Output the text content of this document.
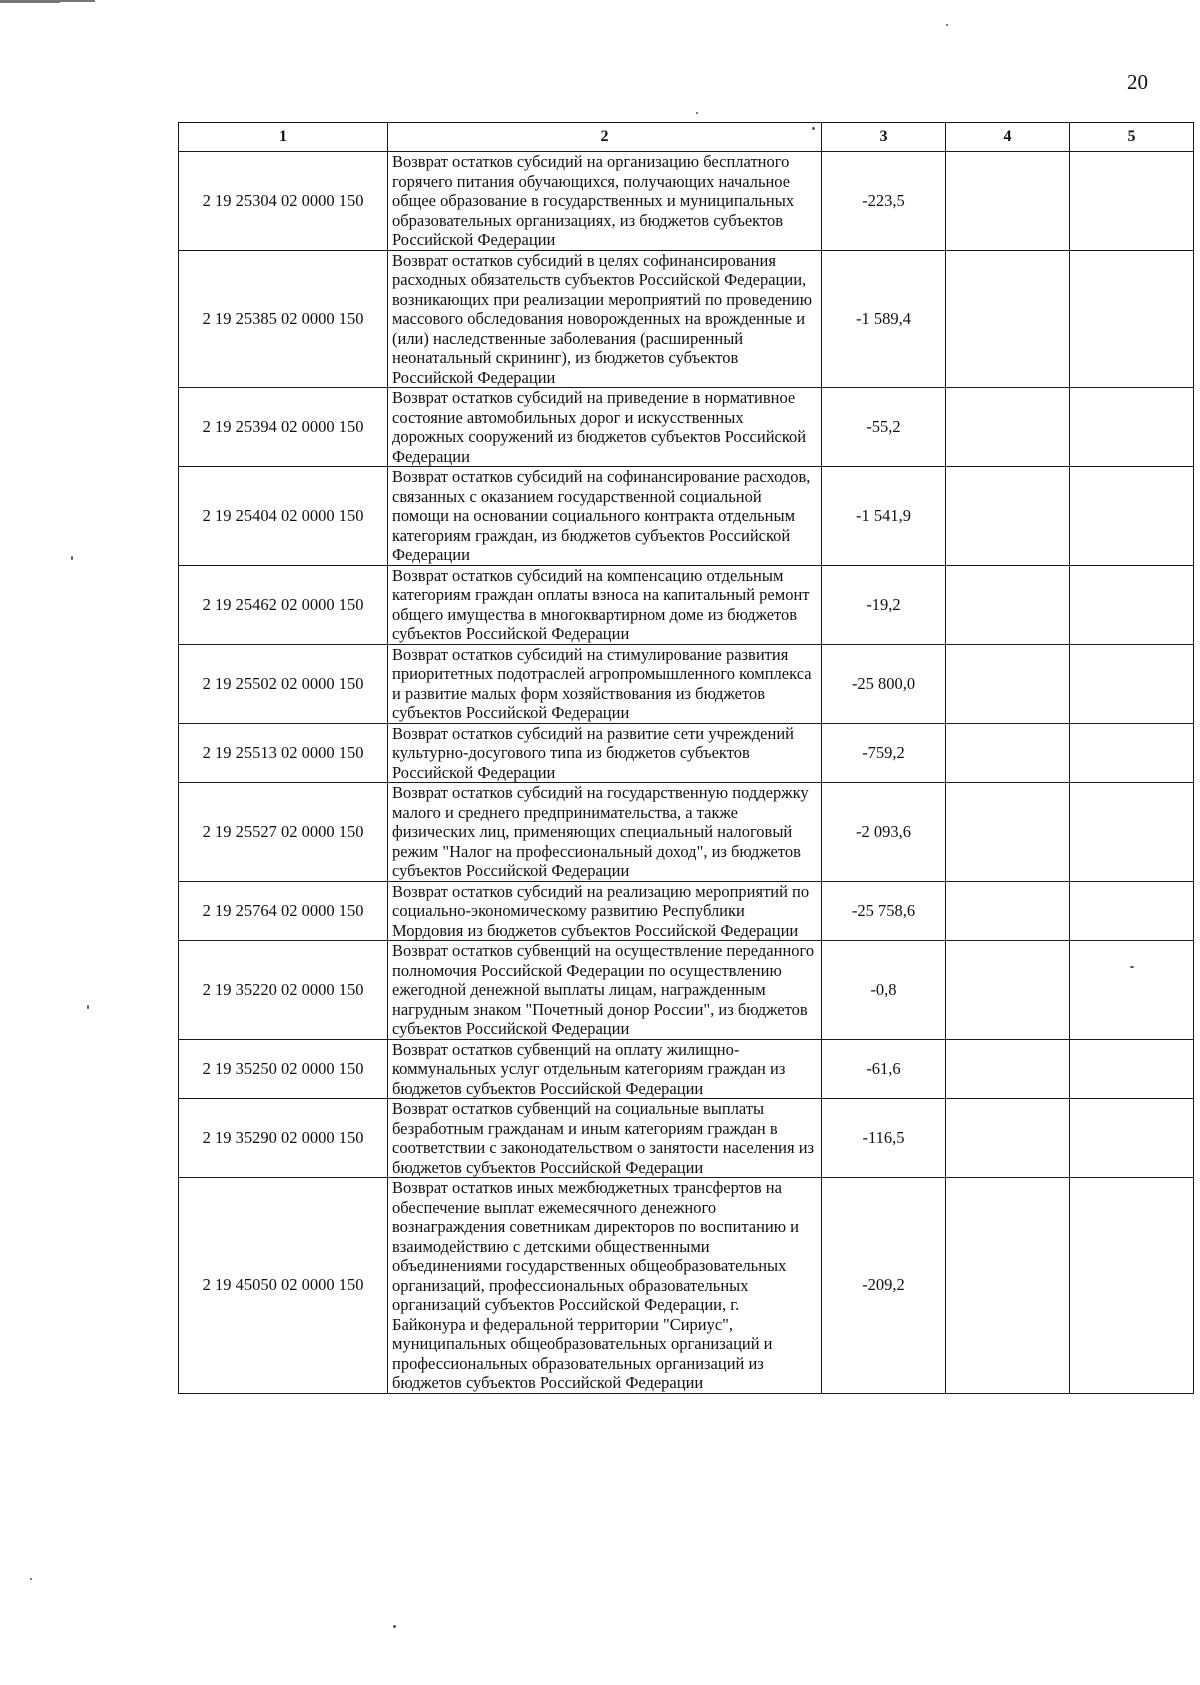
20
1	2	3	4	5
2 19 25304 02 0000 150	Возврат остатков субсидий на организацию бесплатного горячего питания обучающихся, получающих начальное общее образование в государственных и муниципальных образовательных организациях, из бюджетов субъектов Российской Федерации	-223,5		
2 19 25385 02 0000 150	Возврат остатков субсидий в целях софинансирования расходных обязательств субъектов Российской Федерации, возникающих при реализации мероприятий по проведению массового обследования новорожденных на врожденные и (или) наследственные заболевания (расширенный неонатальный скрининг), из бюджетов субъектов Российской Федерации	-1 589,4		
2 19 25394 02 0000 150	Возврат остатков субсидий на приведение в нормативное состояние автомобильных дорог и искусственных дорожных сооружений из бюджетов субъектов Российской Федерации	-55,2		
2 19 25404 02 0000 150	Возврат остатков субсидий на софинансирование расходов, связанных с оказанием государственной социальной помощи на основании социального контракта отдельным категориям граждан, из бюджетов субъектов Российской Федерации	-1 541,9		
2 19 25462 02 0000 150	Возврат остатков субсидий на компенсацию отдельным категориям граждан оплаты взноса на капитальный ремонт общего имущества в многоквартирном доме из бюджетов субъектов Российской Федерации	-19,2		
2 19 25502 02 0000 150	Возврат остатков субсидий на стимулирование развития приоритетных подотраслей агропромышленного комплекса и развитие малых форм хозяйствования из бюджетов субъектов Российской Федерации	-25 800,0		
2 19 25513 02 0000 150	Возврат остатков субсидий на развитие сети учреждений культурно-досугового типа из бюджетов субъектов Российской Федерации	-759,2		
2 19 25527 02 0000 150	Возврат остатков субсидий на государственную поддержку малого и среднего предпринимательства, а также физических лиц, применяющих специальный налоговый режим "Налог на профессиональный доход", из бюджетов субъектов Российской Федерации	-2 093,6		
2 19 25764 02 0000 150	Возврат остатков субсидий на реализацию мероприятий по социально-экономическому развитию Республики Мордовия из бюджетов субъектов Российской Федерации	-25 758,6		
2 19 35220 02 0000 150	Возврат остатков субвенций на осуществление переданного полномочия Российской Федерации по осуществлению ежегодной денежной выплаты лицам, награжденным нагрудным знаком "Почетный донор России", из бюджетов субъектов Российской Федерации	-0,8		
2 19 35250 02 0000 150	Возврат остатков субвенций на оплату жилищно-коммунальных услуг отдельным категориям граждан из бюджетов субъектов Российской Федерации	-61,6		
2 19 35290 02 0000 150	Возврат остатков субвенций на социальные выплаты безработным гражданам и иным категориям граждан в соответствии с законодательством о занятости населения из бюджетов субъектов Российской Федерации	-116,5		
2 19 45050 02 0000 150	Возврат остатков иных межбюджетных трансфертов на обеспечение выплат ежемесячного денежного вознаграждения советникам директоров по воспитанию и взаимодействию с детскими общественными объединениями государственных общеобразовательных организаций, профессиональных образовательных организаций субъектов Российской Федерации, г. Байконура и федеральной территории "Сириус", муниципальных общеобразовательных организаций и профессиональных образовательных организаций из бюджетов субъектов Российской Федерации	-209,2		
